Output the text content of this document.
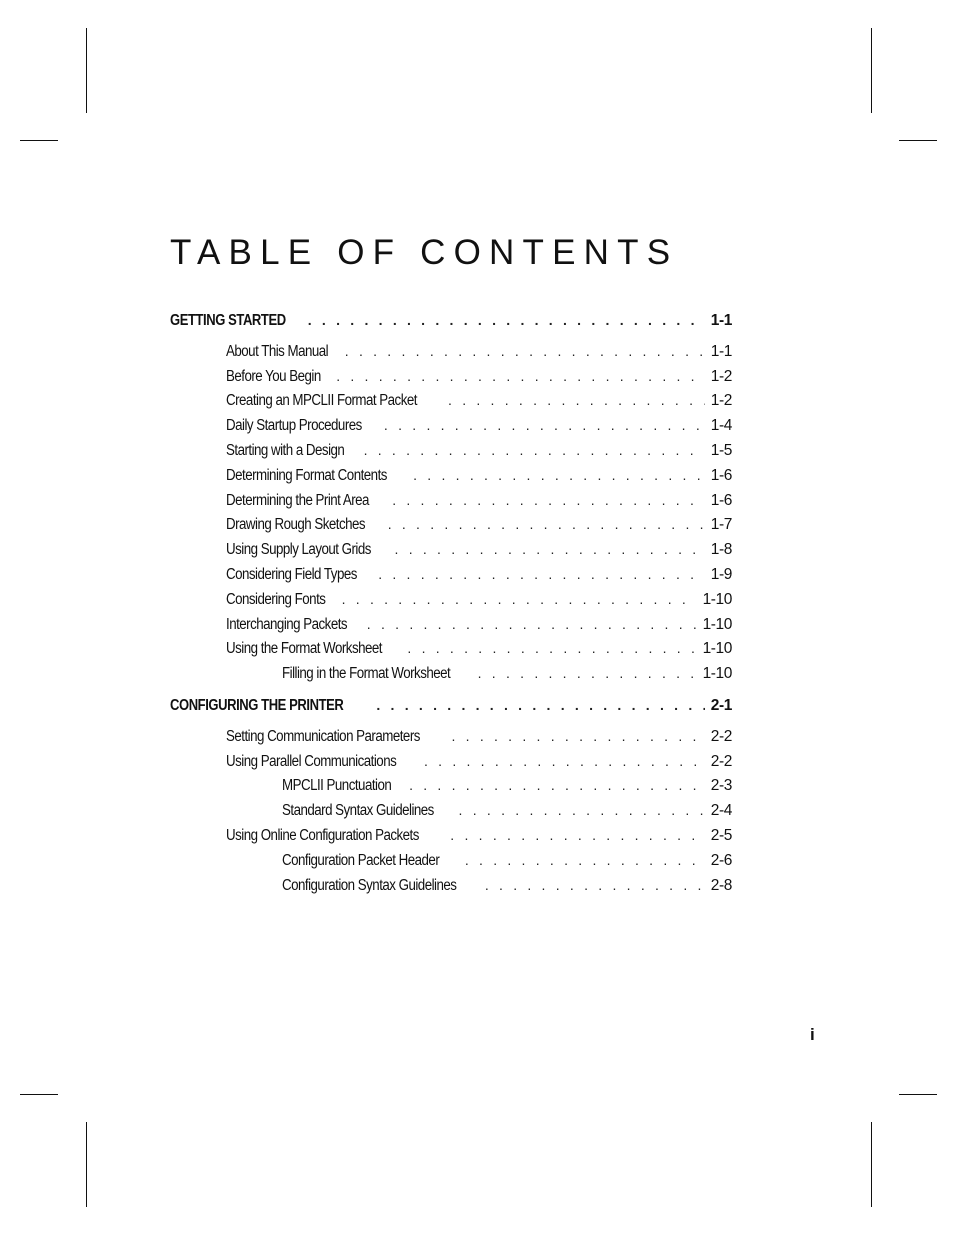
TABLE OF CONTENTS
GETTING STARTED . . .	1-1
About This Manual . . .	1-1
Before You Begin . . .	1-2
Creating an MPCLII Format Packet . . .	1-2
Daily Startup Procedures . . .	1-4
Starting with a Design . . .	1-5
Determining Format Contents . . .	1-6
Determining the Print Area . . .	1-6
Drawing Rough Sketches . . .	1-7
Using Supply Layout Grids . . .	1-8
Considering Field Types . . .	1-9
Considering Fonts . . .	1-10
Interchanging Packets . . .	1-10
Using the Format Worksheet . . .	1-10
Filling in the Format Worksheet . . .	1-10
CONFIGURING THE PRINTER . . .	2-1
Setting Communication Parameters . . .	2-2
Using Parallel Communications . . .	2-2
MPCLII Punctuation . . .	2-3
Standard Syntax Guidelines . . .	2-4
Using Online Configuration Packets . . .	2-5
Configuration Packet Header . . .	2-6
Configuration Syntax Guidelines . . .	2-8
i
